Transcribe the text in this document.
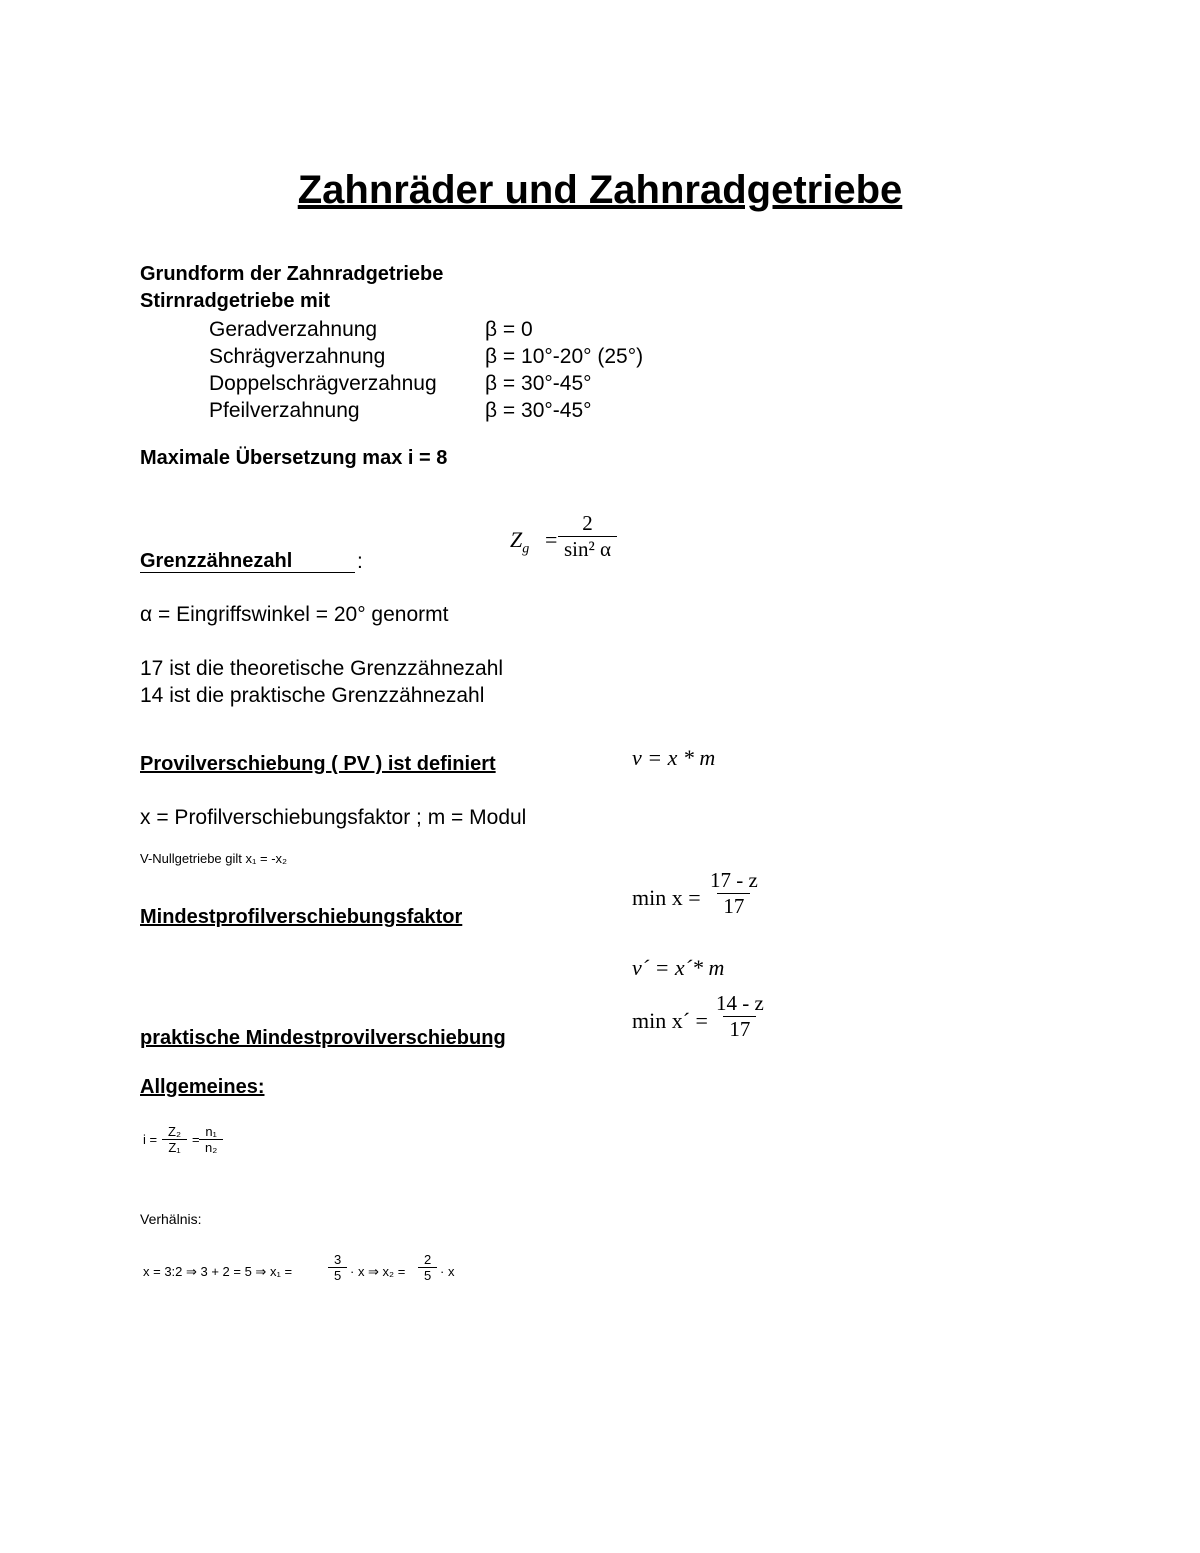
Zahnräder und Zahnradgetriebe
Grundform der Zahnradgetriebe
Stirnradgetriebe mit
Geradverzahnung	β = 0
Schrägverzahnung	β = 10°-20° (25°)
Doppelschrägverzahnug β = 30°-45°
Pfeilverzahnung	β = 30°-45°
Maximale Übersetzung max i = 8
Grenzzähnezahl	:
$Z_g = \frac{2}{\text{sin² α}}$
α = Eingriffswinkel = 20° genormt
17 ist die theoretische Grenzzähnezahl
14 ist die praktische Grenzzähnezahl
Provilverschiebung ( PV ) ist definiert	v = x * m
x = Profilverschiebungsfaktor ; m = Modul
V-Nullgetriebe gilt x₁ = -x₂
Mindestprofilverschiebungsfaktor
$\min x = \frac{17 - z}{17}$
v´ = x´* m
min x´ = $\frac{14 - z}{17}$
praktische Mindestprovilverschiebung
Allgemeines:
$i = \frac{\text{Z₂}}{\text{Z₁}} = \frac{\text{n₁}}{\text{n₂}}$
Verhälnis:
x = 3:2 ⇒ 3 + 2 = 5 ⇒ x₁ =	$\frac{3}{5} \cdot x$ ⇒ $x_2 = \frac{2}{5} \cdot x$
